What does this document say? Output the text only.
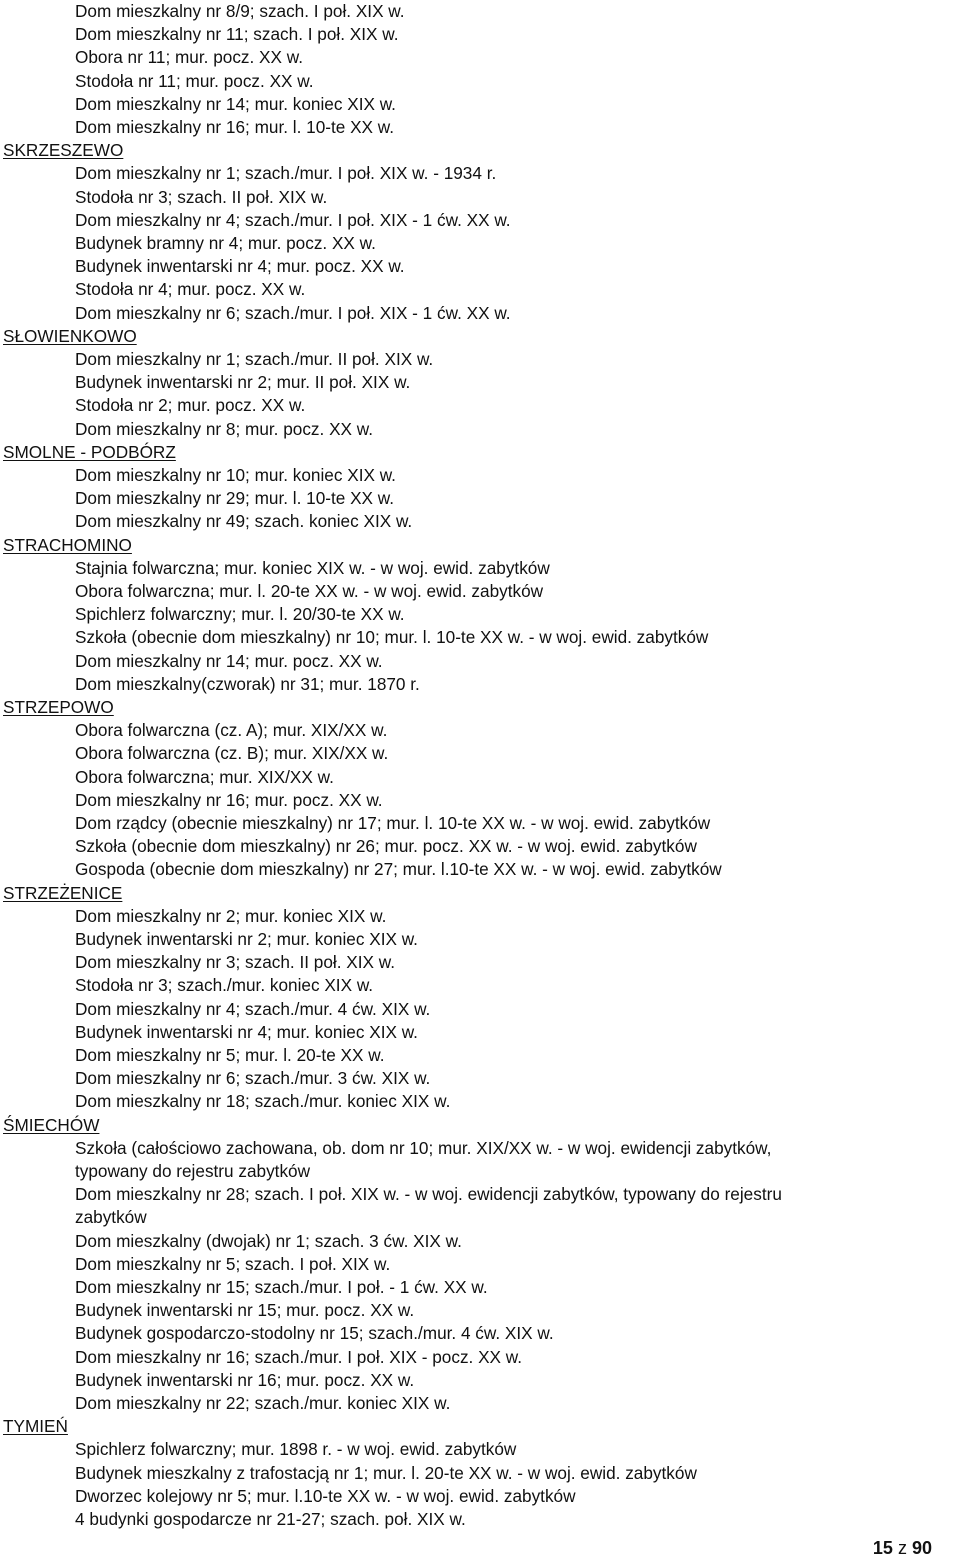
Dom mieszkalny nr 8/9; szach. I poł. XIX w.
Dom mieszkalny nr 11; szach. I poł. XIX w.
Obora nr 11; mur. pocz. XX w.
Stodoła nr 11; mur. pocz. XX w.
Dom mieszkalny nr 14; mur. koniec XIX w.
Dom mieszkalny nr 16; mur. l. 10-te XX w.
SKRZESZEWO
Dom mieszkalny nr 1; szach./mur. I poł. XIX w. - 1934 r.
Stodoła nr 3; szach. II poł. XIX w.
Dom mieszkalny nr 4; szach./mur. I poł. XIX - 1 ćw. XX w.
Budynek bramny nr 4; mur. pocz. XX w.
Budynek inwentarski nr 4; mur. pocz. XX w.
Stodoła nr 4; mur. pocz. XX w.
Dom mieszkalny nr 6; szach./mur. I poł. XIX - 1 ćw. XX w.
SŁOWIENKOWO
Dom mieszkalny nr 1; szach./mur. II poł. XIX w.
Budynek inwentarski nr 2; mur. II poł. XIX w.
Stodoła nr 2; mur. pocz. XX w.
Dom mieszkalny nr 8; mur. pocz. XX w.
SMOLNE - PODBÓRZ
Dom mieszkalny nr 10; mur. koniec XIX w.
Dom mieszkalny nr 29; mur. l. 10-te XX w.
Dom mieszkalny nr 49; szach. koniec XIX w.
STRACHOMINO
Stajnia folwarczna; mur. koniec XIX w. - w woj. ewid. zabytków
Obora folwarczna; mur. l. 20-te XX w. - w woj. ewid. zabytków
Spichlerz folwarczny; mur. l. 20/30-te XX w.
Szkoła (obecnie dom mieszkalny) nr 10; mur. l. 10-te XX w. - w woj. ewid. zabytków
Dom mieszkalny nr 14; mur. pocz. XX w.
Dom mieszkalny(czworak) nr 31; mur. 1870 r.
STRZEPOWO
Obora folwarczna (cz. A); mur. XIX/XX w.
Obora folwarczna (cz. B); mur. XIX/XX w.
Obora folwarczna; mur. XIX/XX w.
Dom mieszkalny nr 16; mur. pocz. XX w.
Dom rządcy (obecnie mieszkalny) nr 17; mur. l. 10-te XX w. - w woj. ewid. zabytków
Szkoła (obecnie dom mieszkalny) nr 26; mur. pocz. XX w. - w woj. ewid. zabytków
Gospoda (obecnie dom mieszkalny) nr 27; mur. l.10-te XX w. - w woj. ewid. zabytków
STRZEŻENICE
Dom mieszkalny nr 2; mur. koniec XIX w.
Budynek inwentarski nr 2; mur. koniec XIX w.
Dom mieszkalny nr 3; szach. II poł. XIX w.
Stodoła nr 3; szach./mur. koniec XIX w.
Dom mieszkalny nr 4; szach./mur. 4 ćw. XIX w.
Budynek inwentarski nr 4; mur. koniec XIX w.
Dom mieszkalny nr 5; mur. l. 20-te XX w.
Dom mieszkalny nr 6; szach./mur. 3 ćw. XIX w.
Dom mieszkalny nr 18; szach./mur. koniec XIX w.
ŚMIECHÓW
Szkoła (całościowo zachowana, ob. dom nr 10; mur. XIX/XX w. - w woj. ewidencji zabytków,
typowany do rejestru zabytków
Dom mieszkalny nr 28; szach. I poł. XIX w. - w woj. ewidencji zabytków, typowany do rejestru
zabytków
Dom mieszkalny (dwojak) nr 1; szach. 3 ćw. XIX w.
Dom mieszkalny nr 5; szach. I poł. XIX w.
Dom mieszkalny nr 15; szach./mur. I poł. - 1 ćw. XX w.
Budynek inwentarski nr 15; mur. pocz. XX w.
Budynek gospodarczo-stodolny nr 15; szach./mur. 4 ćw. XIX w.
Dom mieszkalny nr 16; szach./mur. I poł. XIX - pocz. XX w.
Budynek inwentarski nr 16; mur. pocz. XX w.
Dom mieszkalny nr 22; szach./mur. koniec XIX w.
TYMIEŃ
Spichlerz folwarczny; mur. 1898 r. - w woj. ewid. zabytków
Budynek mieszkalny z trafostacją nr 1; mur. l. 20-te XX w. - w woj. ewid. zabytków
Dworzec kolejowy nr 5; mur. l.10-te XX w. - w woj. ewid. zabytków
4 budynki gospodarcze nr 21-27; szach. poł. XIX w.
15 z 90
